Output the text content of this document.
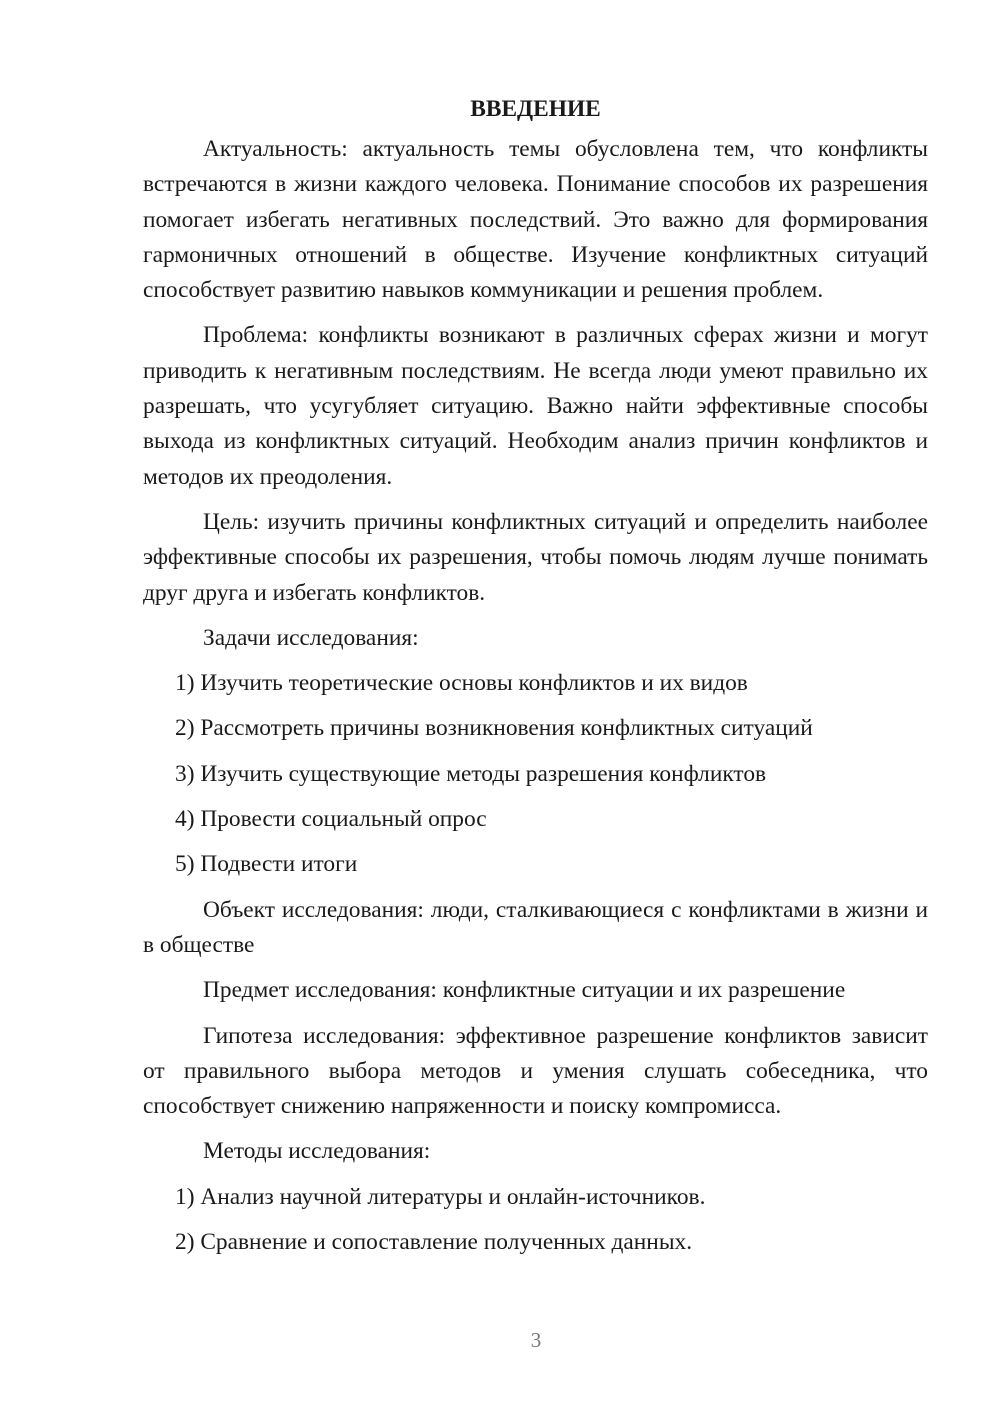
ВВЕДЕНИЕ

Актуальность: актуальность темы обусловлена тем, что конфликты встречаются в жизни каждого человека. Понимание способов их разрешения помогает избегать негативных последствий. Это важно для формирования гармоничных отношений в обществе. Изучение конфликтных ситуаций способствует развитию навыков коммуникации и решения проблем.

Проблема: конфликты возникают в различных сферах жизни и могут приводить к негативным последствиям. Не всегда люди умеют правильно их разрешать, что усугубляет ситуацию. Важно найти эффективные способы выхода из конфликтных ситуаций. Необходим анализ причин конфликтов и методов их преодоления.

Цель: изучить причины конфликтных ситуаций и определить наиболее эффективные способы их разрешения, чтобы помочь людям лучше понимать друг друга и избегать конфликтов.

Задачи исследования:

1) Изучить теоретические основы конфликтов и их видов
2) Рассмотреть причины возникновения конфликтных ситуаций
3) Изучить существующие методы разрешения конфликтов
4) Провести социальный опрос
5) Подвести итоги

Объект исследования: люди, сталкивающиеся с конфликтами в жизни и в обществе

Предмет исследования: конфликтные ситуации и их разрешение

Гипотеза исследования: эффективное разрешение конфликтов зависит от правильного выбора методов и умения слушать собеседника, что способствует снижению напряженности и поиску компромисса.

Методы исследования:

1) Анализ научной литературы и онлайн-источников.
2) Сравнение и сопоставление полученных данных.
3
